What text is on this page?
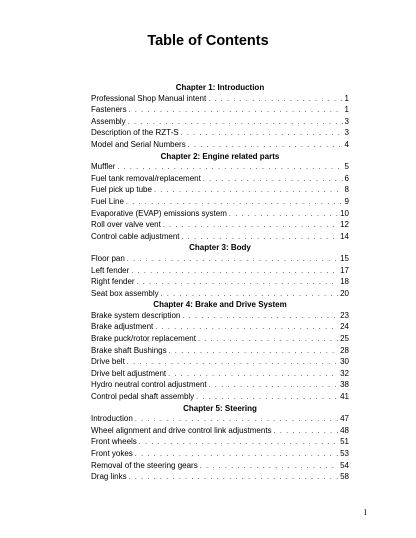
Table of Contents
Chapter 1: Introduction
Professional Shop Manual intent . . .	1
Fasteners . . .	1
Assembly . . .	3
Description of the RZT-S . . .	3
Model and Serial Numbers . . .	4
Chapter 2: Engine related parts
Muffler . . .	5
Fuel tank removal/replacement . . .	6
Fuel pick up tube . . .	8
Fuel Line . . .	9
Evaporative (EVAP) emissions system . . .	10
Roll over valve vent . . .	12
Control cable adjustment . . .	14
Chapter 3: Body
Floor pan . . .	15
Left fender . . .	17
Right fender . . .	18
Seat box assembly . . .	20
Chapter 4: Brake and Drive System
Brake system description . . .	23
Brake adjustment . . .	24
Brake puck/rotor replacement . . .	25
Brake shaft Bushings . . .	28
Drive belt . . .	30
Drive belt adjustment . . .	32
Hydro neutral control adjustment . . .	38
Control pedal shaft assembly . . .	41
Chapter 5: Steering
Introduction . . .	47
Wheel alignment and drive control link adjustments . . .	48
Front wheels . . .	51
Front yokes . . .	53
Removal of the steering gears . . .	54
Drag links . . .	58
I
